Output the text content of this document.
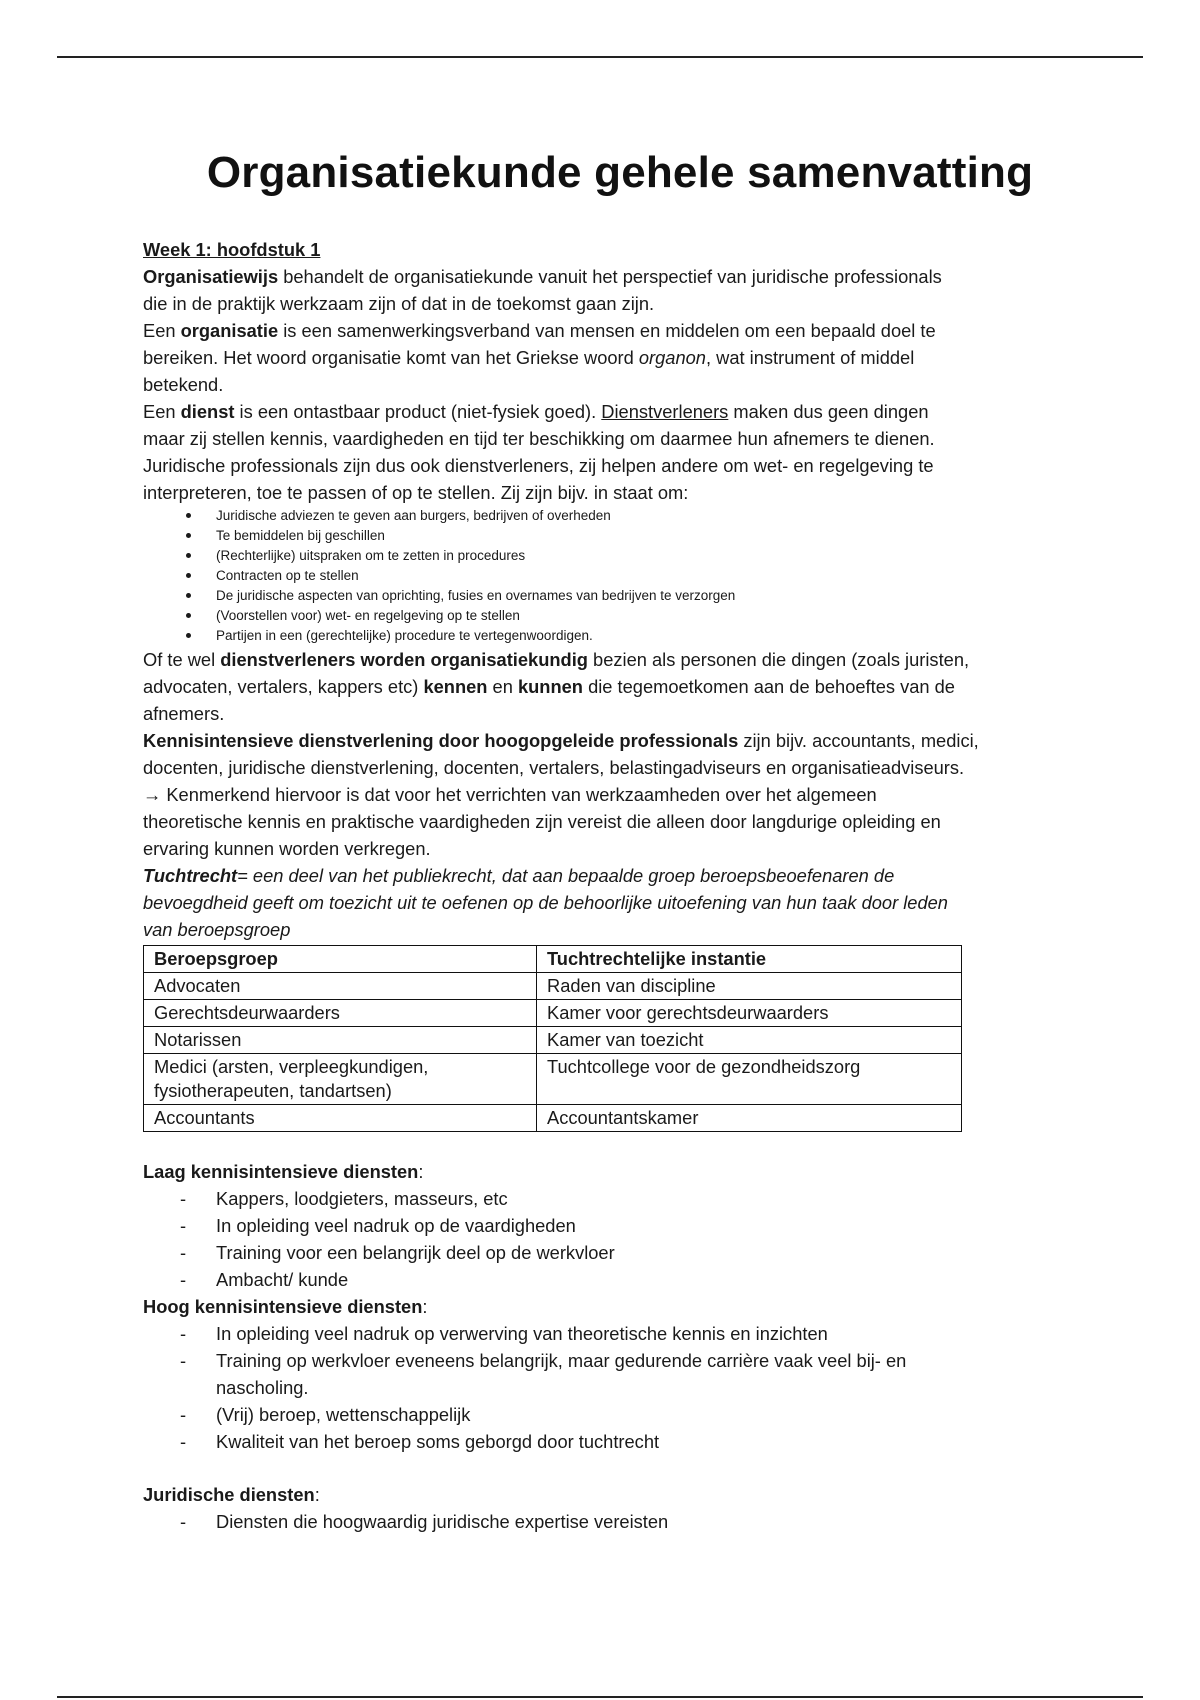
Organisatiekunde gehele samenvatting

Week 1: hoofdstuk 1

Organisatiewijs behandelt de organisatiekunde vanuit het perspectief van juridische professionals

die in de praktijk werkzaam zijn of dat in de toekomst gaan zijn.

Een organisatie is een samenwerkingsverband van mensen en middelen om een bepaald doel te

bereiken. Het woord organisatie komt van het Griekse woord organon, wat instrument of middel

betekend.

Een dienst is een ontastbaar product (niet-fysiek goed). Dienstverleners maken dus geen dingen

maar zij stellen kennis, vaardigheden en tijd ter beschikking om daarmee hun afnemers te dienen.

Juridische professionals zijn dus ook dienstverleners, zij helpen andere om wet- en regelgeving te

interpreteren, toe te passen of op te stellen. Zij zijn bijv. in staat om:

Juridische adviezen te geven aan burgers, bedrijven of overheden
Te bemiddelen bij geschillen
(Rechterlijke) uitspraken om te zetten in procedures
Contracten op te stellen
De juridische aspecten van oprichting, fusies en overnames van bedrijven te verzorgen
(Voorstellen voor) wet- en regelgeving op te stellen
Partijen in een (gerechtelijke) procedure te vertegenwoordigen.

Of te wel dienstverleners worden organisatiekundig bezien als personen die dingen (zoals juristen,

advocaten, vertalers, kappers etc) kennen en kunnen die tegemoetkomen aan de behoeftes van de

afnemers.

Kennisintensieve dienstverlening door hoogopgeleide professionals zijn bijv. accountants, medici,

docenten, juridische dienstverlening, docenten, vertalers, belastingadviseurs en organisatieadviseurs.

→ Kenmerkend hiervoor is dat voor het verrichten van werkzaamheden over het algemeen

theoretische kennis en praktische vaardigheden zijn vereist die alleen door langdurige opleiding en

ervaring kunnen worden verkregen.

Tuchtrecht= een deel van het publiekrecht, dat aan bepaalde groep beroepsbeoefenaren de

bevoegdheid geeft om toezicht uit te oefenen op de behoorlijke uitoefening van hun taak door leden

van beroepsgroep

Beroepsgroep	Tuchtrechtelijke instantie
Advocaten	Raden van discipline
Gerechtsdeurwaarders	Kamer voor gerechtsdeurwaarders
Notarissen	Kamer van toezicht
Medici (arsten, verpleegkundigen,
fysiotherapeuten, tandartsen)	Tuchtcollege voor de gezondheidszorg
Accountants	Accountantskamer

Laag kennisintensieve diensten:

- Kappers, loodgieters, masseurs, etc
- In opleiding veel nadruk op de vaardigheden
- Training voor een belangrijk deel op de werkvloer
- Ambacht/ kunde

Hoog kennisintensieve diensten:

- In opleiding veel nadruk op verwerving van theoretische kennis en inzichten
- Training op werkvloer eveneens belangrijk, maar gedurende carrière vaak veel bij- en
nascholing.
- (Vrij) beroep, wettenschappelijk
- Kwaliteit van het beroep soms geborgd door tuchtrecht

Juridische diensten:

- Diensten die hoogwaardig juridische expertise vereisten
